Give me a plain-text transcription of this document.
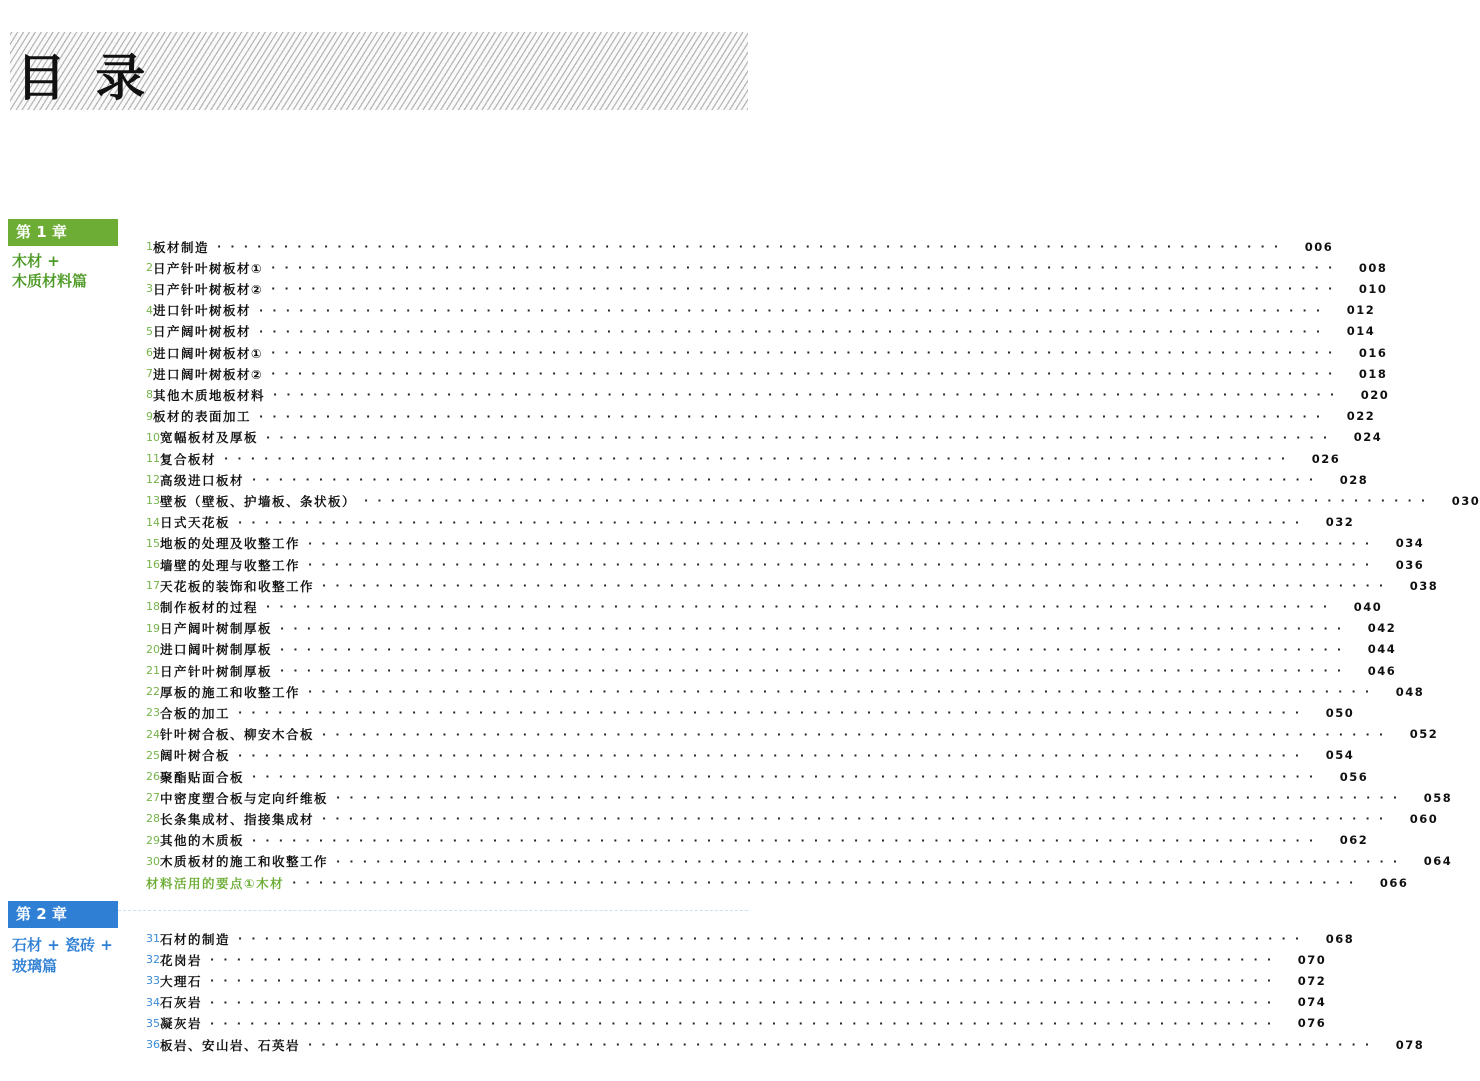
目 录
第 1 章
木材 +
木质材料篇
1 板材制造 ················································································	006
2 日产针叶树板材① ················································································	008
3 日产针叶树板材② ················································································	010
4 进口针叶树板材 ················································································	012
5 日产阔叶树板材 ················································································	014
6 进口阔叶树板材① ················································································	016
7 进口阔叶树板材② ················································································	018
8 其他木质地板材料 ················································································	020
9 板材的表面加工 ················································································	022
10 宽幅板材及厚板 ················································································	024
11 复合板材 ················································································	026
12 高级进口板材 ················································································	028
13 壁板（壁板、护墙板、条状板） ················································································	030
14 日式天花板 ················································································	032
15 地板的处理及收整工作 ················································································	034
16 墙壁的处理与收整工作 ················································································	036
17 天花板的装饰和收整工作 ················································································	038
18 制作板材的过程 ················································································	040
19 日产阔叶树制厚板 ················································································	042
20 进口阔叶树制厚板 ················································································	044
21 日产针叶树制厚板 ················································································	046
22 厚板的施工和收整工作 ················································································	048
23 合板的加工 ················································································	050
24 针叶树合板、柳安木合板 ················································································	052
25 阔叶树合板 ················································································	054
26 聚酯贴面合板 ················································································	056
27 中密度塑合板与定向纤维板 ················································································	058
28 长条集成材、指接集成材 ················································································	060
29 其他的木质板 ················································································	062
30 木质板材的施工和收整工作 ················································································	064
材料活用的要点①木材 ················································································	066
第 2 章
石材 + 瓷砖 +
玻璃篇
31 石材的制造 ················································································	068
32 花岗岩 ················································································	070
33 大理石 ················································································	072
34 石灰岩 ················································································	074
35 凝灰岩 ················································································	076
36 板岩、安山岩、石英岩 ················································································	078
